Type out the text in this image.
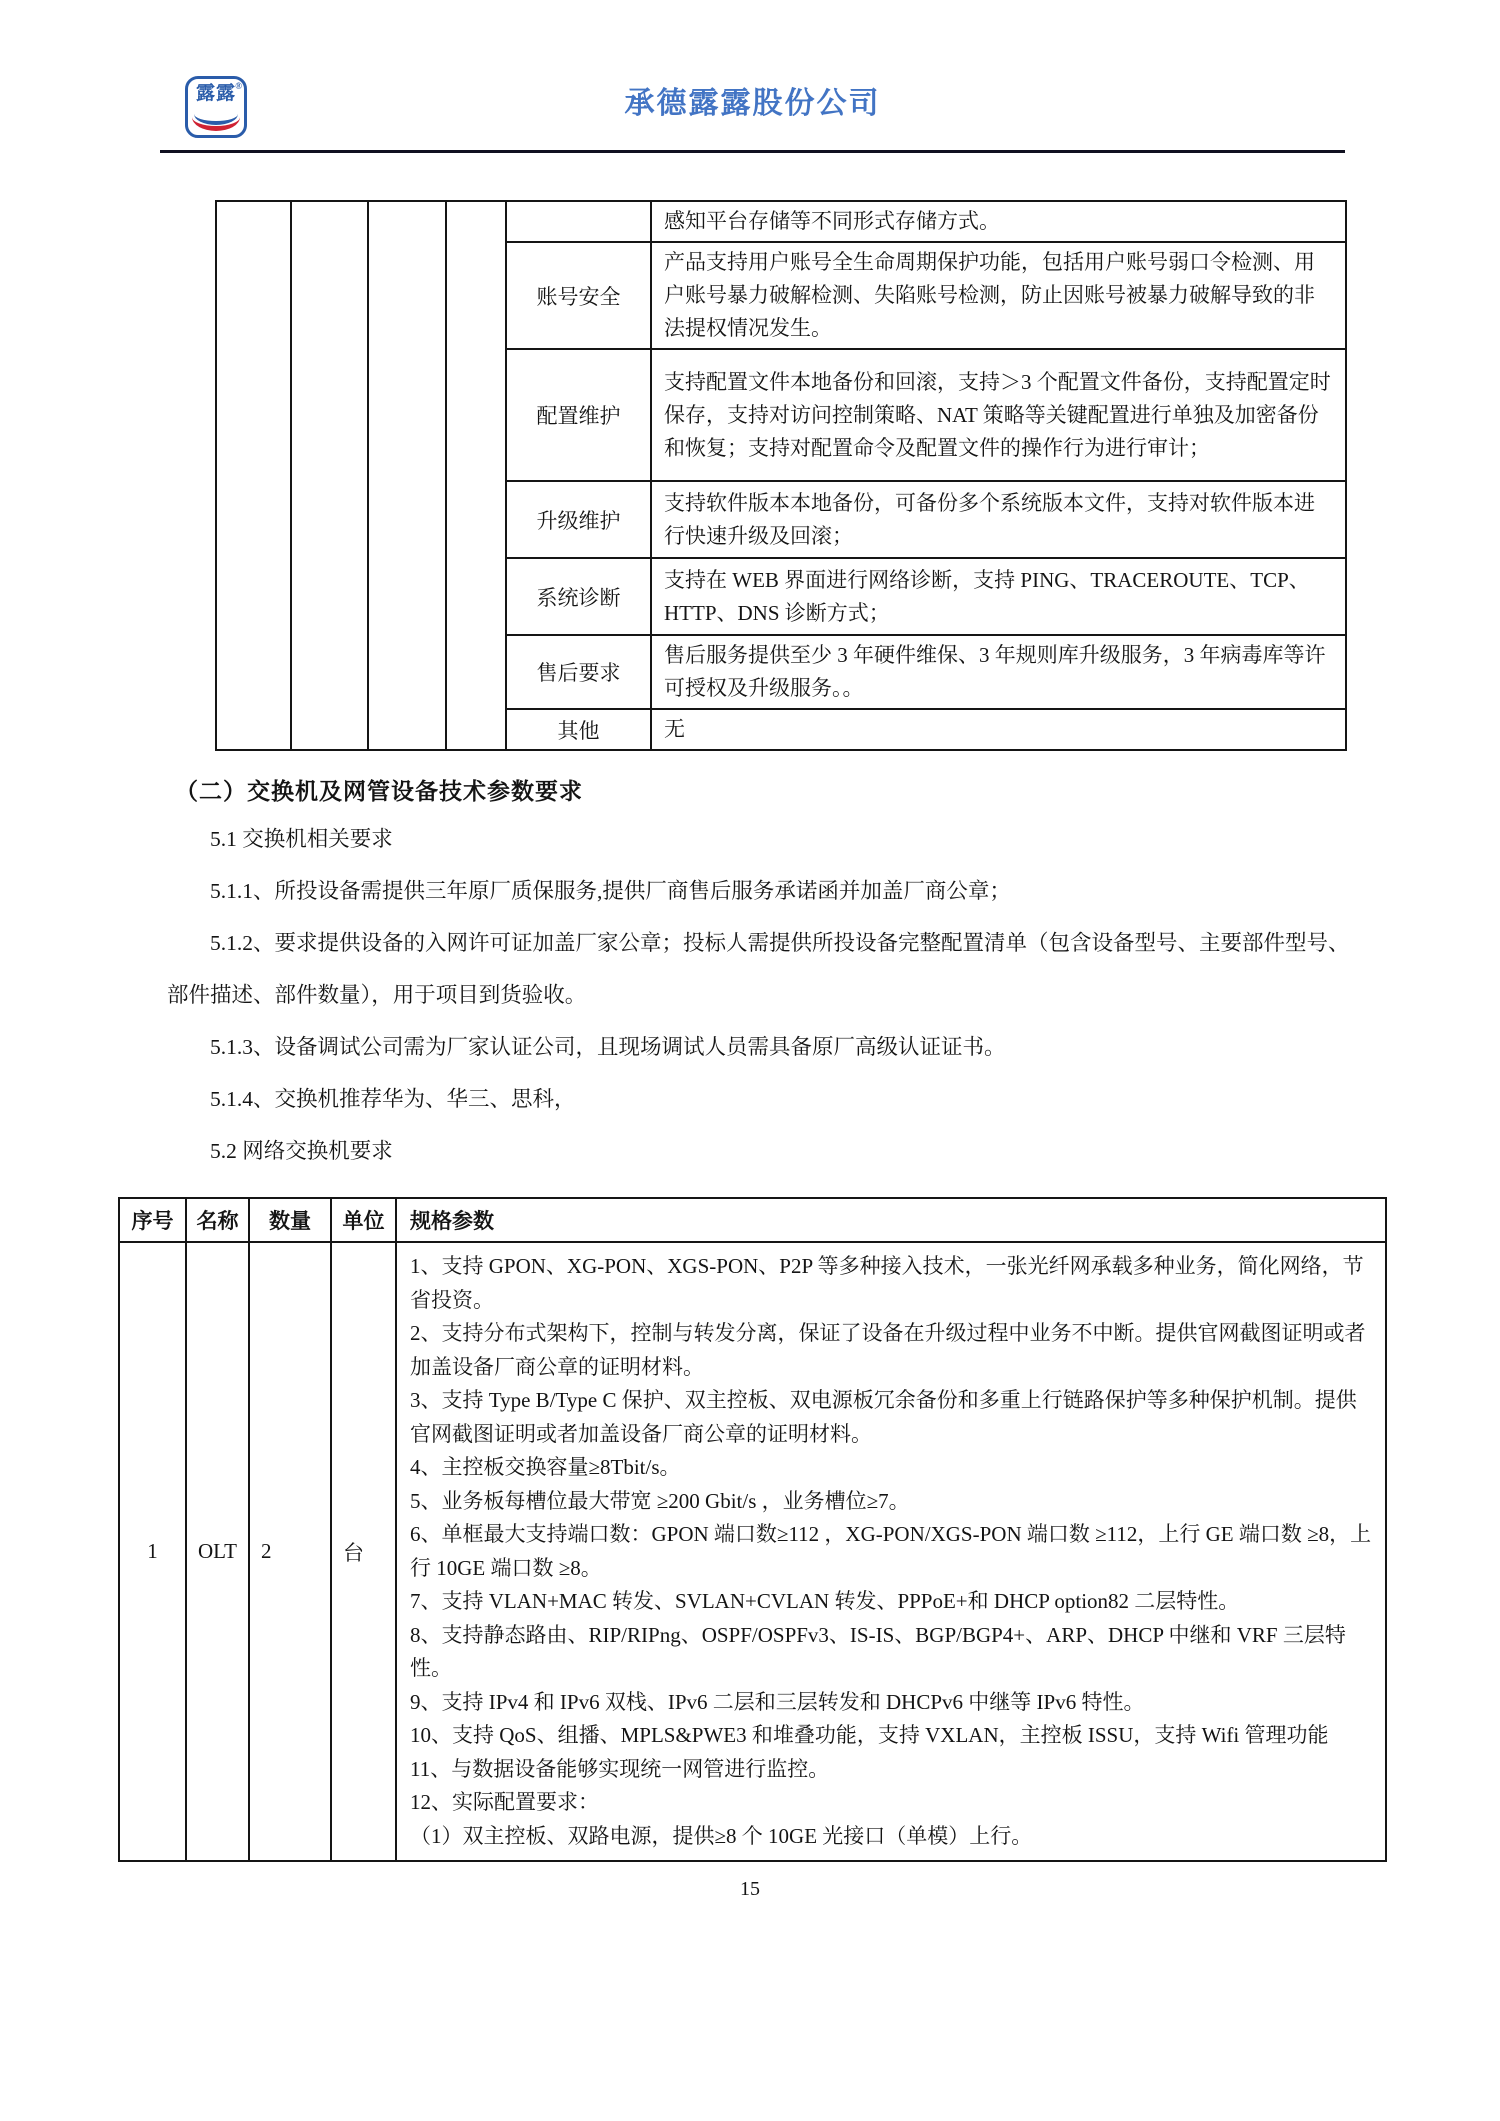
露露 ®
承德露露股份公司
					感知平台存储等不同形式存储方式。
				账号安全	产品支持用户账号全生命周期保护功能，包括用户账号弱口令检测、用户账号暴力破解检测、失陷账号检测，防止因账号被暴力破解导致的非法提权情况发生。
				配置维护	支持配置文件本地备份和回滚，支持＞3 个配置文件备份，支持配置定时保存，支持对访问控制策略、NAT 策略等关键配置进行单独及加密备份和恢复；支持对配置命令及配置文件的操作行为进行审计；
				升级维护	支持软件版本本地备份，可备份多个系统版本文件，支持对软件版本进行快速升级及回滚；
				系统诊断	支持在 WEB 界面进行网络诊断，支持 PING、TRACEROUTE、TCP、HTTP、DNS 诊断方式；
				售后要求	售后服务提供至少 3 年硬件维保、3 年规则库升级服务，3 年病毒库等许可授权及升级服务。。
				其他	无
（二）交换机及网管设备技术参数要求

5.1 交换机相关要求

5.1.1、所投设备需提供三年原厂质保服务,提供厂商售后服务承诺函并加盖厂商公章；

5.1.2、要求提供设备的入网许可证加盖厂家公章；投标人需提供所投设备完整配置清单（包含设备型号、主要部件型号、部件描述、部件数量），用于项目到货验收。

5.1.3、设备调试公司需为厂家认证公司，且现场调试人员需具备原厂高级认证证书。

5.1.4、交换机推荐华为、华三、思科，

5.2 网络交换机要求

序号	名称	数量	单位	规格参数
1	OLT	2	台	
1、支持 GPON、XG-PON、XGS-PON、P2P 等多种接入技术，一张光纤网承载多种业务，简化网络，节省投资。
2、支持分布式架构下，控制与转发分离，保证了设备在升级过程中业务不中断。提供官网截图证明或者加盖设备厂商公章的证明材料。
3、支持 Type B/Type C 保护、双主控板、双电源板冗余备份和多重上行链路保护等多种保护机制。提供官网截图证明或者加盖设备厂商公章的证明材料。
4、主控板交换容量≥8Tbit/s。
5、业务板每槽位最大带宽 ≥200 Gbit/s ，业务槽位≥7。
6、单框最大支持端口数：GPON 端口数≥112 ，XG-PON/XGS-PON 端口数 ≥112，上行 GE 端口数 ≥8，上行 10GE 端口数 ≥8。
7、支持 VLAN+MAC 转发、SVLAN+CVLAN 转发、PPPoE+和 DHCP option82 二层特性。
8、支持静态路由、RIP/RIPng、OSPF/OSPFv3、IS-IS、BGP/BGP4+、ARP、DHCP 中继和 VRF 三层特性。
9、支持 IPv4 和 IPv6 双栈、IPv6 二层和三层转发和 DHCPv6 中继等 IPv6 特性。
10、支持 QoS、组播、MPLS&PWE3 和堆叠功能，支持 VXLAN，主控板 ISSU，支持 Wifi 管理功能
11、与数据设备能够实现统一网管进行监控。
12、实际配置要求：
（1）双主控板、双路电源，提供≥8 个 10GE 光接口（单模）上行。
15
